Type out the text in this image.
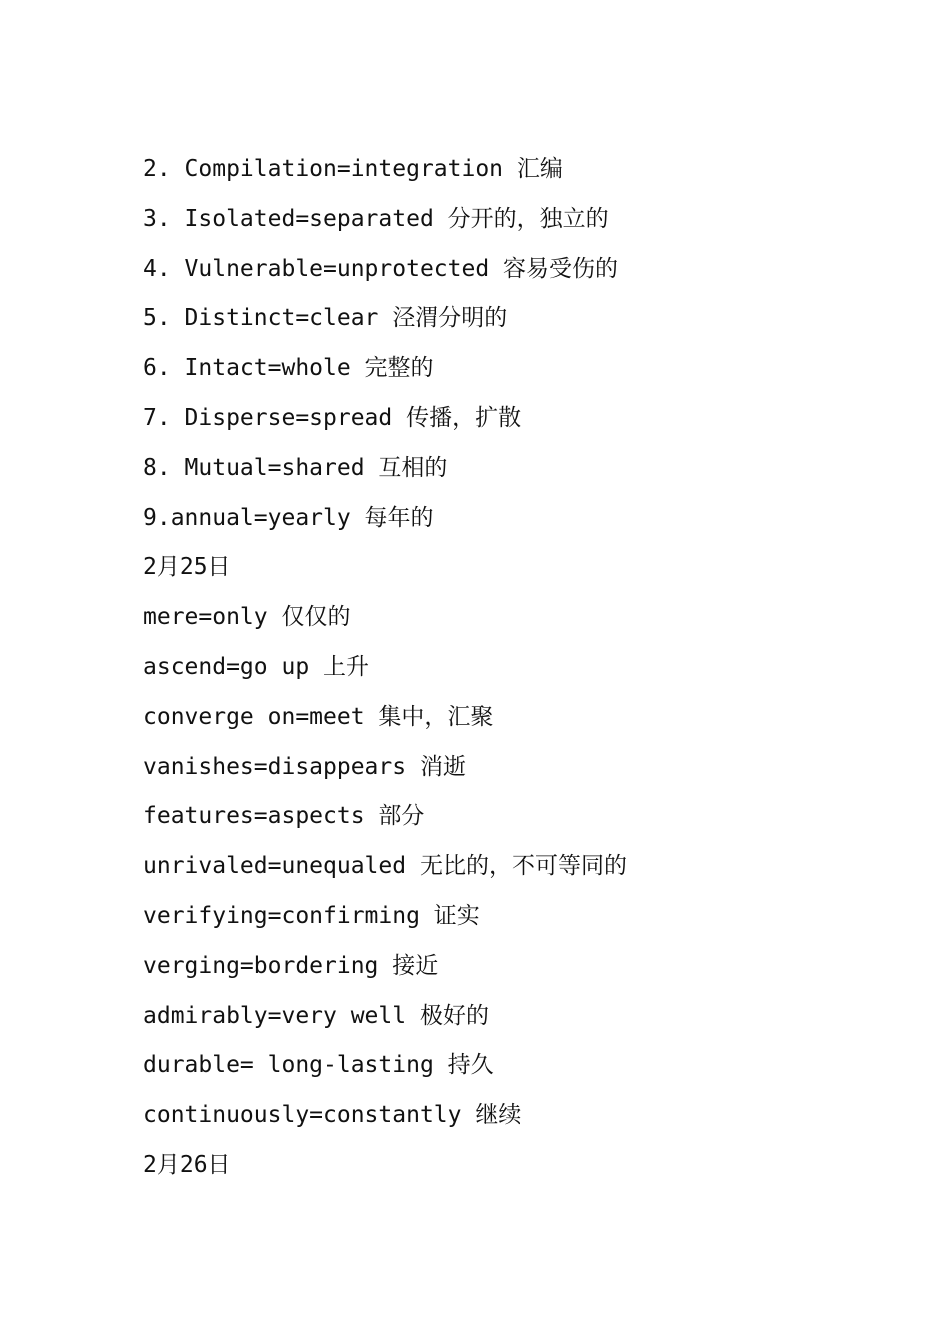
2. Compilation=integration 汇编
3. Isolated=separated 分开的，独立的
4. Vulnerable=unprotected 容易受伤的
5. Distinct=clear 泾渭分明的
6. Intact=whole 完整的
7. Disperse=spread 传播，扩散
8. Mutual=shared 互相的
9.annual=yearly 每年的
2月25日
mere=only 仅仅的
ascend=go up 上升
converge on=meet 集中，汇聚
vanishes=disappears 消逝
features=aspects 部分
unrivaled=unequaled 无比的，不可等同的
verifying=confirming 证实
verging=bordering 接近
admirably=very well 极好的
durable= long-lasting 持久
continuously=constantly 继续
2月26日
